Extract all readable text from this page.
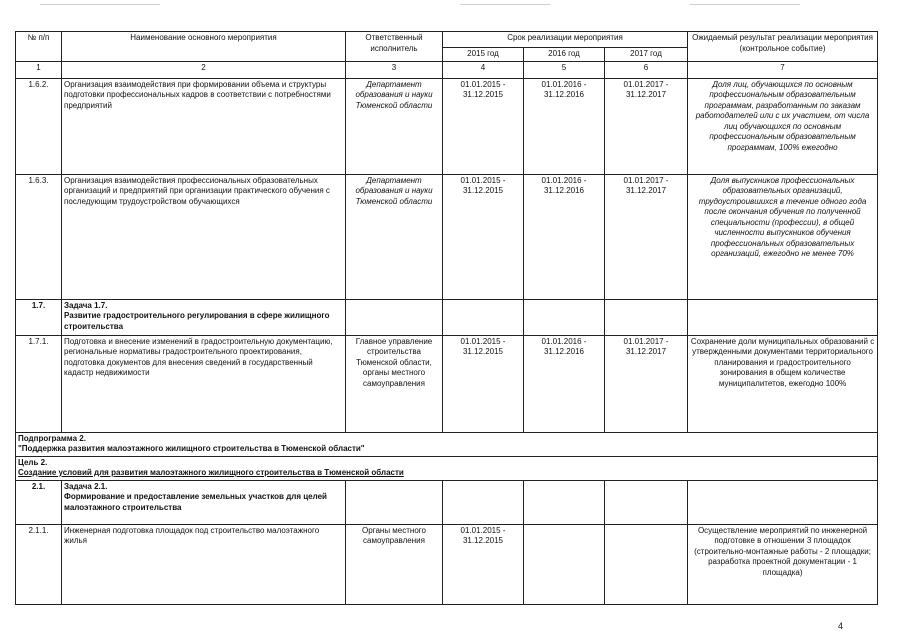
№ п/п	Наименование основного мероприятия	Ответственный исполнитель	Срок реализации мероприятия			Ожидаемый результат реализации мероприятия (контрольное событие)
			2015 год	2016 год	2017 год	
1	2	3	4	5	6	7
1.6.2.	Организация взаимодействия при формировании объема и структуры подготовки профессиональных кадров в соответствии с потребностями предприятий	Департамент образования и науки Тюменской области	01.01.2015 - 31.12.2015	01.01.2016 - 31.12.2016	01.01.2017 - 31.12.2017	Доля лиц, обучающихся по основным профессиональным образовательным программам, разработанным по заказам работодателей или с их участием, от числа лиц обучающихся по основным профессиональным образовательным программам, 100% ежегодно
1.6.3.	Организация взаимодействия профессиональных образовательных организаций и предприятий при организации практического обучения с последующим трудоустройством обучающихся	Департамент образования и науки Тюменской области	01.01.2015 - 31.12.2015	01.01.2016 - 31.12.2016	01.01.2017 - 31.12.2017	Доля выпускников профессиональных образовательных организаций, трудоустроившихся в течение одного года после окончания обучения по полученной специальности (профессии), в общей численности выпускников обучения профессиональных образовательных организаций, ежегодно не менее 70%
1.7.	Задача 1.7.
Развитие градостроительного регулирования в сфере жилищного строительства					

1.7.1.	Подготовка и внесение изменений в градостроительную документацию, региональные нормативы градостроительного проектирования, подготовка документов для внесения сведений в государственный кадастр недвижимости	Главное управление строительства Тюменской области, органы местного самоуправления	01.01.2015 - 31.12.2015	01.01.2016 - 31.12.2016	01.01.2017 - 31.12.2017	Сохранение доли муниципальных образований с утвержденными документами территориального планирования и градостроительного зонирования в общем количестве муниципалитетов, ежегодно 100%

Подпрограмма 2.
"Поддержка развития малоэтажного жилищного строительства в Тюменской области"						

Цель 2.
Создание условий для развития малоэтажного жилищного строительства в Тюменской области						

2.1.	Задача 2.1.
Формирование и предоставление земельных участков для целей малоэтажного строительства					

2.1.1.	Инженерная подготовка площадок под строительство малоэтажного жилья	Органы местного самоуправления	01.01.2015 - 31.12.2015			Осуществление мероприятий по инженерной подготовке в отношении 3 площадок (строительно-монтажные работы - 2 площадки; разработка проектной документации - 1 площадка)
4
